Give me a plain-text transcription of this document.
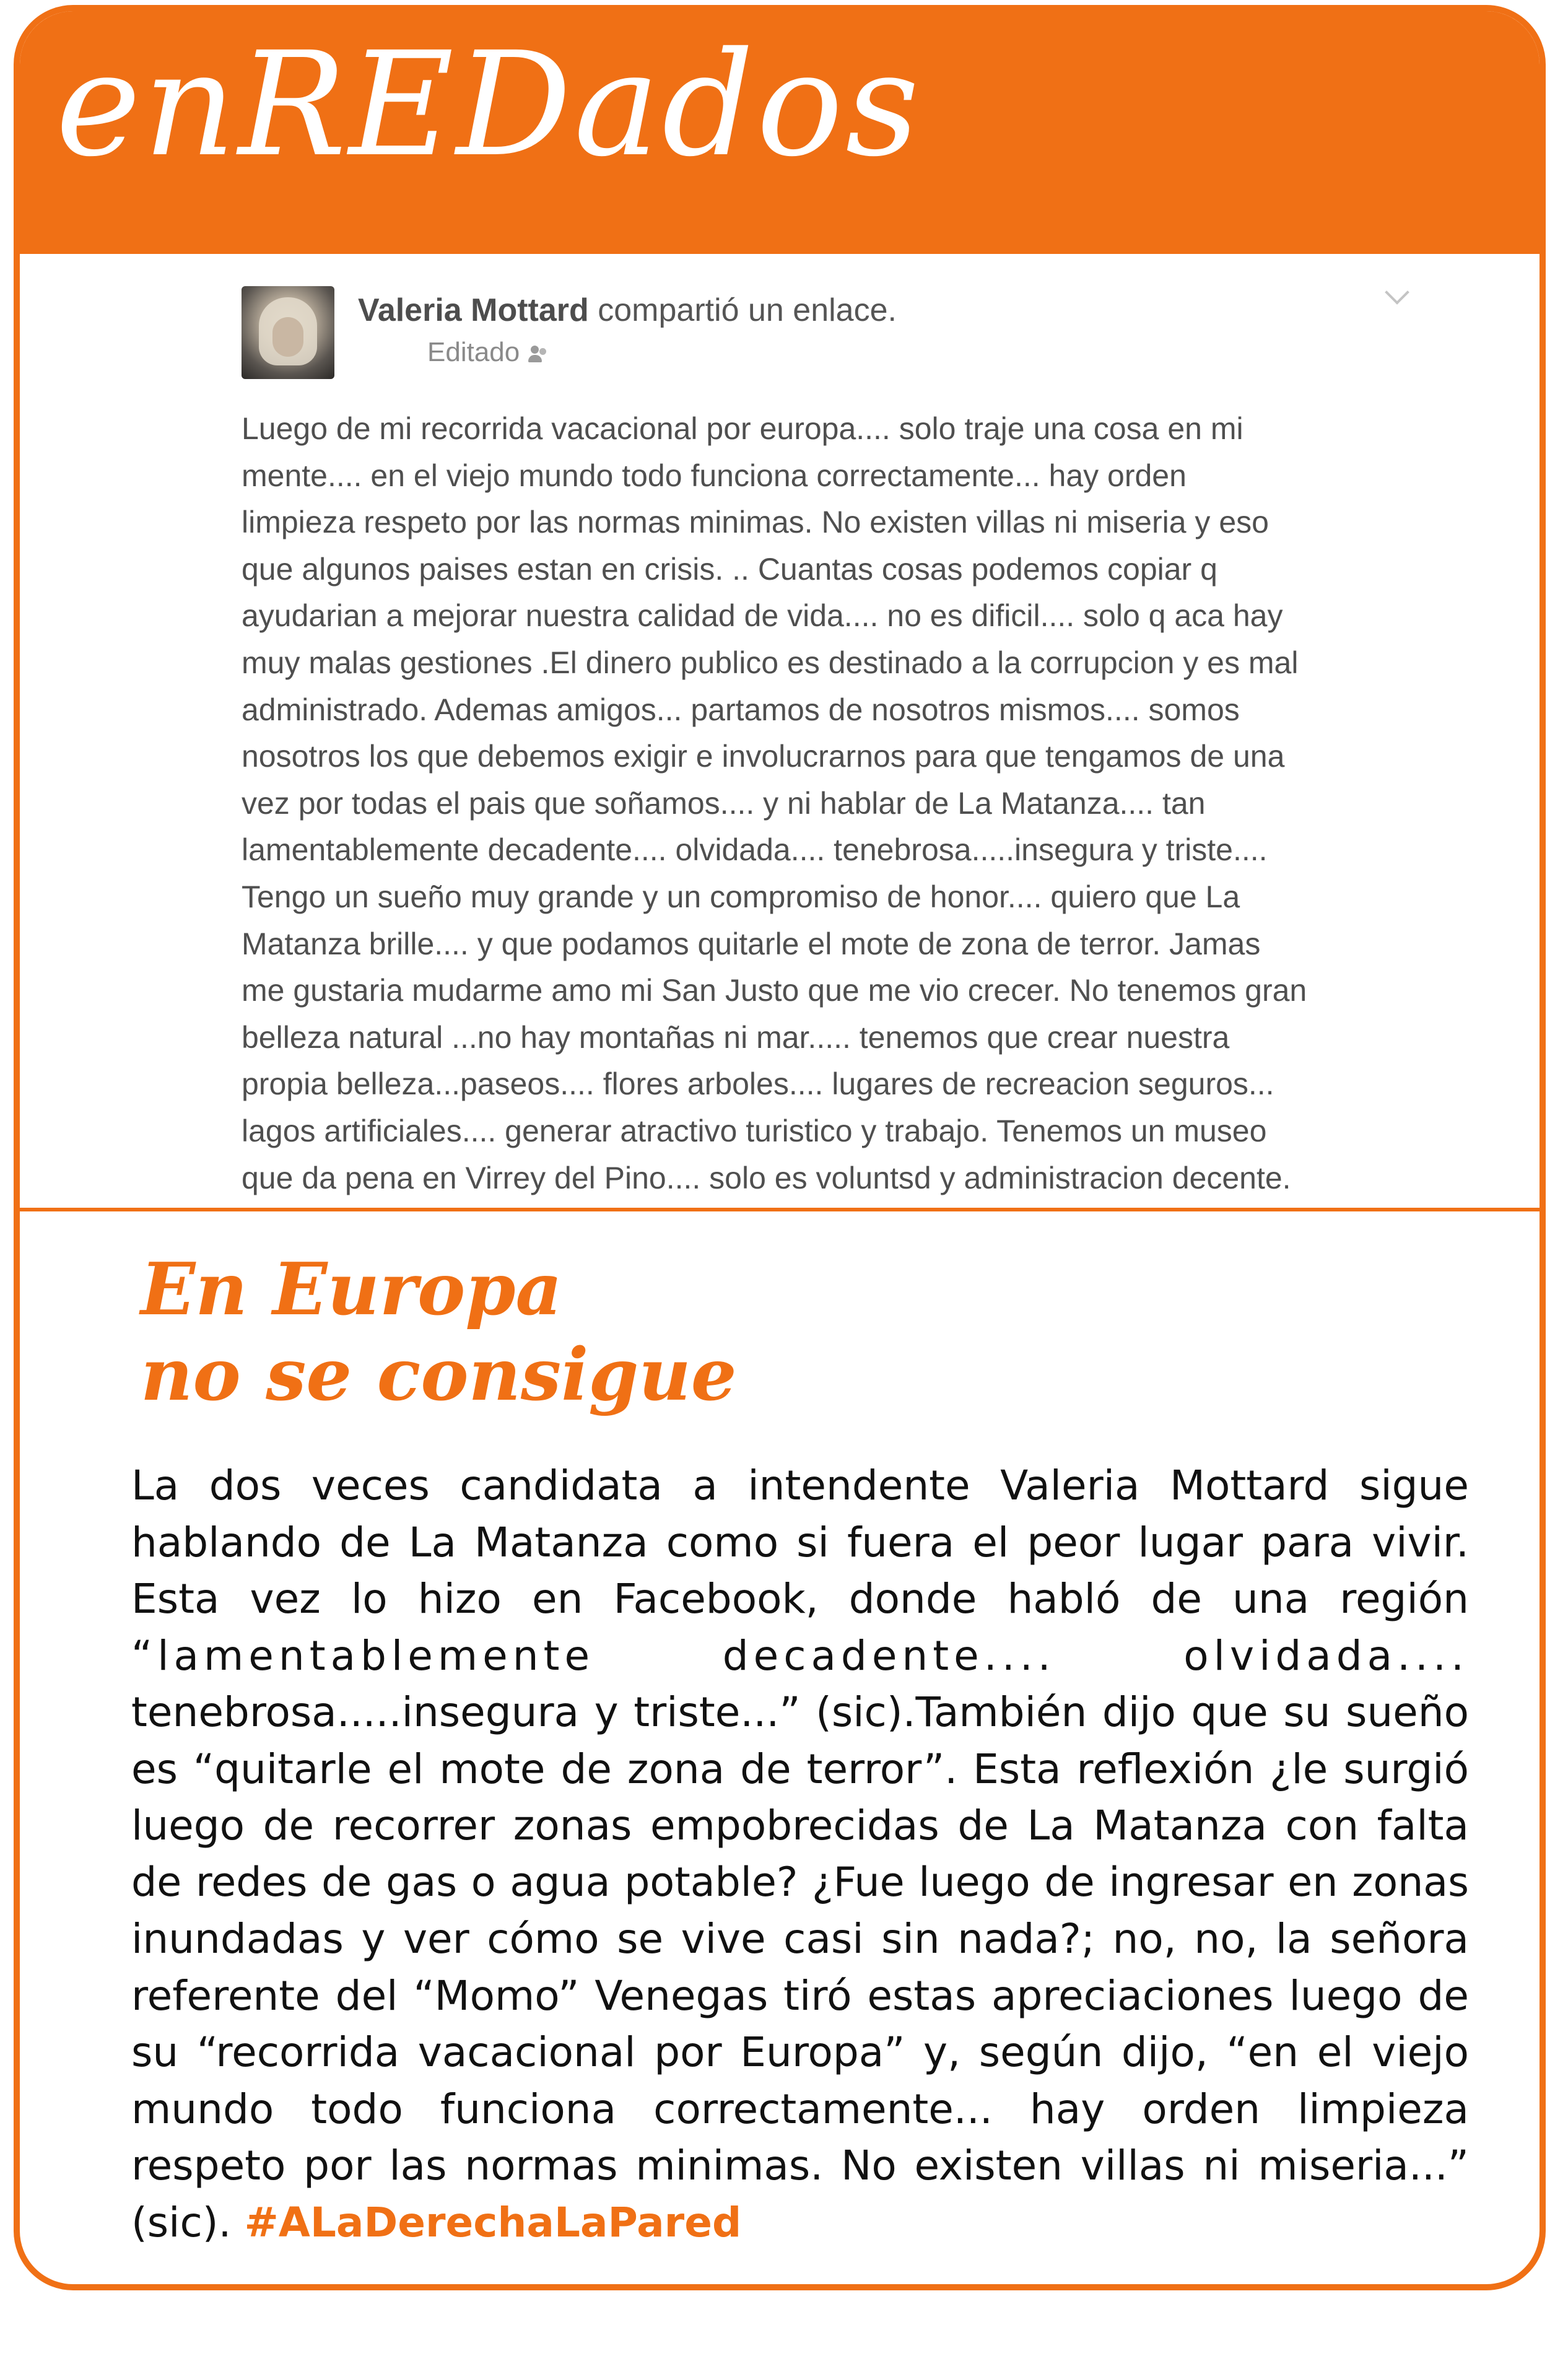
enREDados
Valeria Mottard compartió un enlace.
Editado
Luego de mi recorrida vacacional por europa.... solo traje una cosa en mi
mente.... en el viejo mundo todo funciona correctamente... hay orden
limpieza respeto por las normas minimas. No existen villas ni miseria y eso
que algunos paises estan en crisis. .. Cuantas cosas podemos copiar q
ayudarian a mejorar nuestra calidad de vida.... no es dificil.... solo q aca hay
muy malas gestiones .El dinero publico es destinado a la corrupcion y es mal
administrado. Ademas amigos... partamos de nosotros mismos.... somos
nosotros los que debemos exigir e involucrarnos para que tengamos de una
vez por todas el pais que soñamos.... y ni hablar de La Matanza.... tan
lamentablemente decadente.... olvidada.... tenebrosa.....insegura y triste....
Tengo un sueño muy grande y un compromiso de honor.... quiero que La
Matanza brille.... y que podamos quitarle el mote de zona de terror. Jamas
me gustaria mudarme amo mi San Justo que me vio crecer. No tenemos gran
belleza natural ...no hay montañas ni mar..... tenemos que crear nuestra
propia belleza...paseos.... flores arboles.... lugares de recreacion seguros...
lagos artificiales.... generar atractivo turistico y trabajo. Tenemos un museo
que da pena en Virrey del Pino.... solo es voluntsd y administracion decente.
En Europa
no se consigue
La dos veces candidata a intendente Valeria Mottard sigue
hablando de La Matanza como si fuera el peor lugar para vivir.
Esta vez lo hizo en Facebook, donde habló de una región
“lamentablemente decadente.... olvidada....
tenebrosa.....insegura y triste...” (sic).También dijo que su sueño
es “quitarle el mote de zona de terror”. Esta reflexión ¿le surgió
luego de recorrer zonas empobrecidas de La Matanza con falta
de redes de gas o agua potable? ¿Fue luego de ingresar en zonas
inundadas y ver cómo se vive casi sin nada?; no, no, la señora
referente del “Momo” Venegas tiró estas apreciaciones luego de
su “recorrida vacacional por Europa” y, según dijo, “en el viejo
mundo todo funciona correctamente... hay orden limpieza
respeto por las normas minimas. No existen villas ni miseria...”
(sic). #ALaDerechaLaPared
